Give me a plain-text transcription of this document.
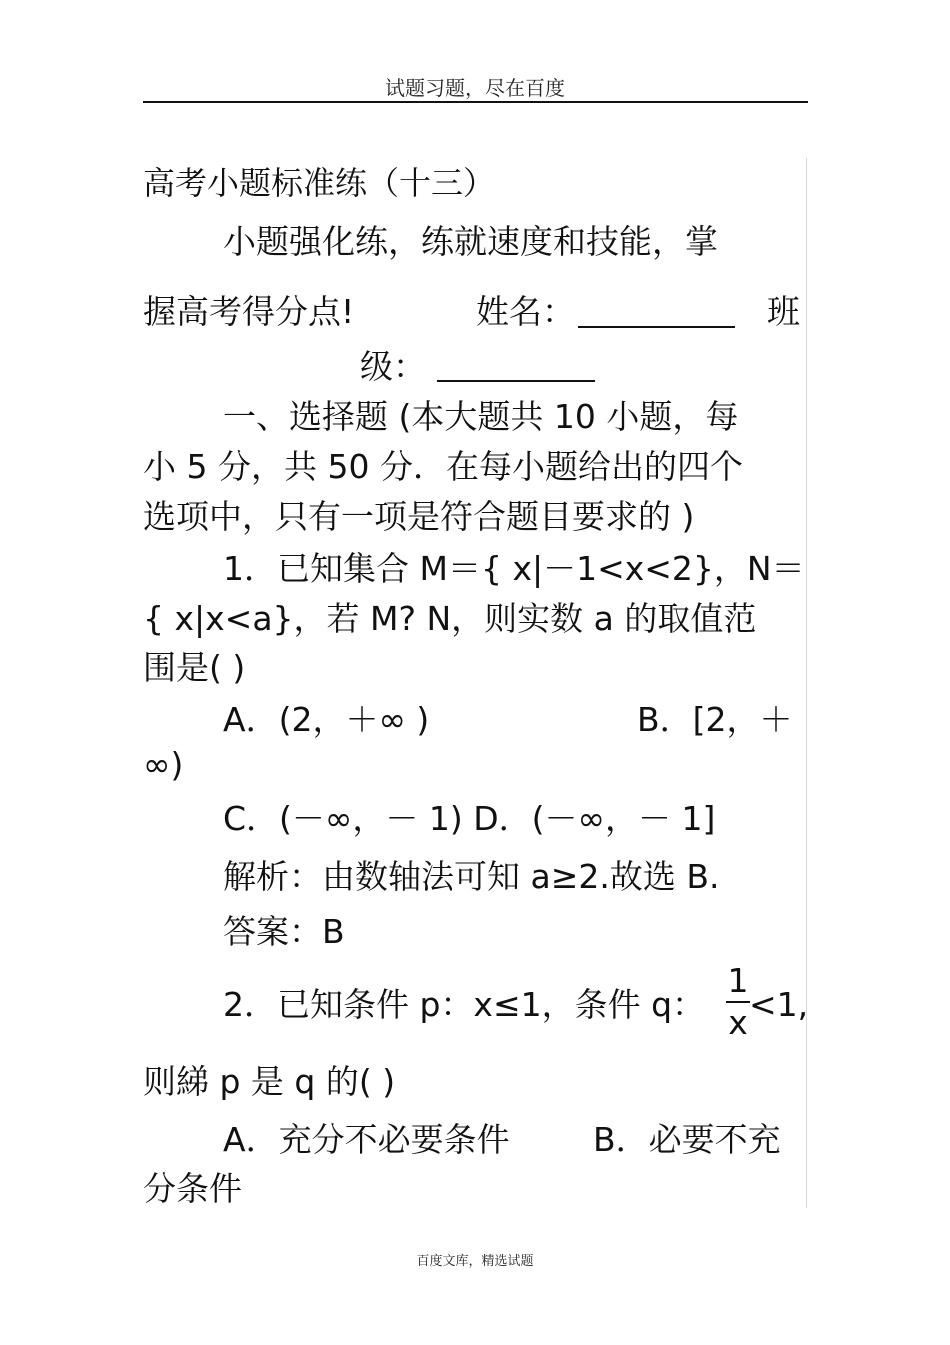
试题习题，尽在百度
高考小题标准练（十三）
小题强化练，练就速度和技能，掌
握高考得分点!	姓名：	班
级：
一、选择题 (本大题共 10 小题，每
小 5 分，共 50 分．在每小题给出的四个
选项中，只有一项是符合题目要求的 )
1．已知集合 M＝{ x|－1<x<2}，N＝
{ x|x<a}，若 M? N，则实数 a 的取值范
围是( )
A．(2，＋∞ )	B．[2，＋
∞)
C．(－∞，－ 1) D．(－∞，－ 1]
解析：由数轴法可知 a≥2.故选 B.
答案：B
2．已知条件 p：x≤1，条件 q：
1
x <1,
则綈 p 是 q 的( )
A．充分不必要条件	B．必要不充
分条件
百度文库，精选试题
